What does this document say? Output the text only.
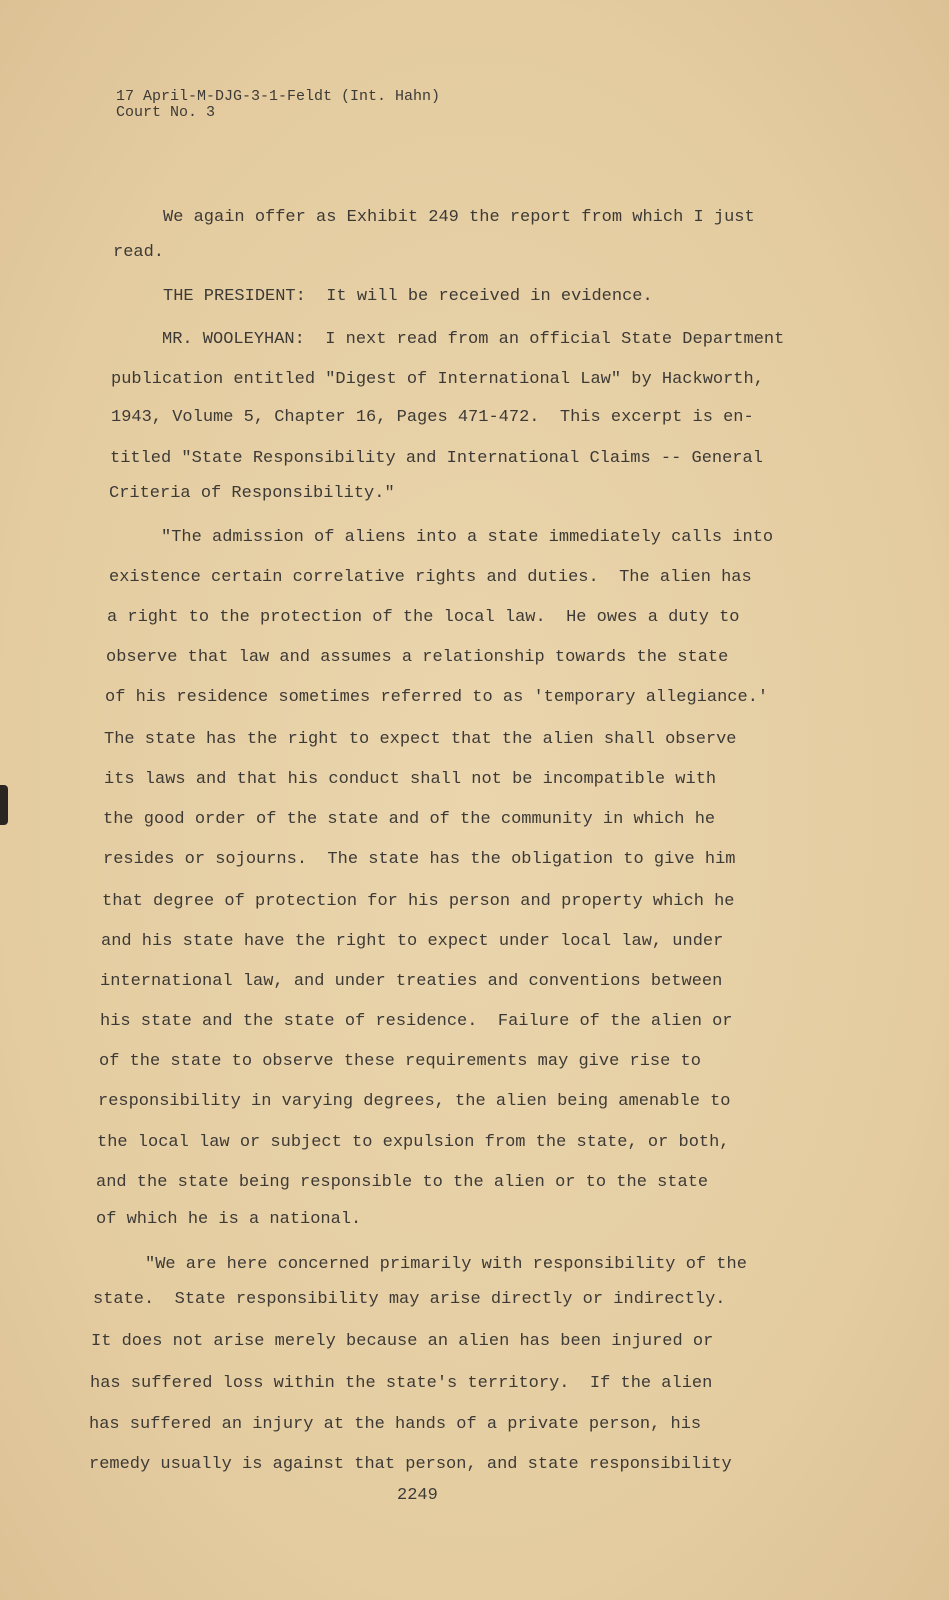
17 April-M-DJG-3-1-Feldt (Int. Hahn)
Court No. 3
We again offer as Exhibit 249 the report from which I just
read.
THE PRESIDENT:  It will be received in evidence.
MR. WOOLEYHAN:  I next read from an official State Department
publication entitled "Digest of International Law" by Hackworth,
1943, Volume 5, Chapter 16, Pages 471-472.  This excerpt is en-
titled "State Responsibility and International Claims -- General
Criteria of Responsibility."
"The admission of aliens into a state immediately calls into
existence certain correlative rights and duties.  The alien has
a right to the protection of the local law.  He owes a duty to
observe that law and assumes a relationship towards the state
of his residence sometimes referred to as 'temporary allegiance.'
The state has the right to expect that the alien shall observe
its laws and that his conduct shall not be incompatible with
the good order of the state and of the community in which he
resides or sojourns.  The state has the obligation to give him
that degree of protection for his person and property which he
and his state have the right to expect under local law, under
international law, and under treaties and conventions between
his state and the state of residence.  Failure of the alien or
of the state to observe these requirements may give rise to
responsibility in varying degrees, the alien being amenable to
the local law or subject to expulsion from the state, or both,
and the state being responsible to the alien or to the state
of which he is a national.
"We are here concerned primarily with responsibility of the
state.  State responsibility may arise directly or indirectly.
It does not arise merely because an alien has been injured or
has suffered loss within the state's territory.  If the alien
has suffered an injury at the hands of a private person, his
remedy usually is against that person, and state responsibility
2249
